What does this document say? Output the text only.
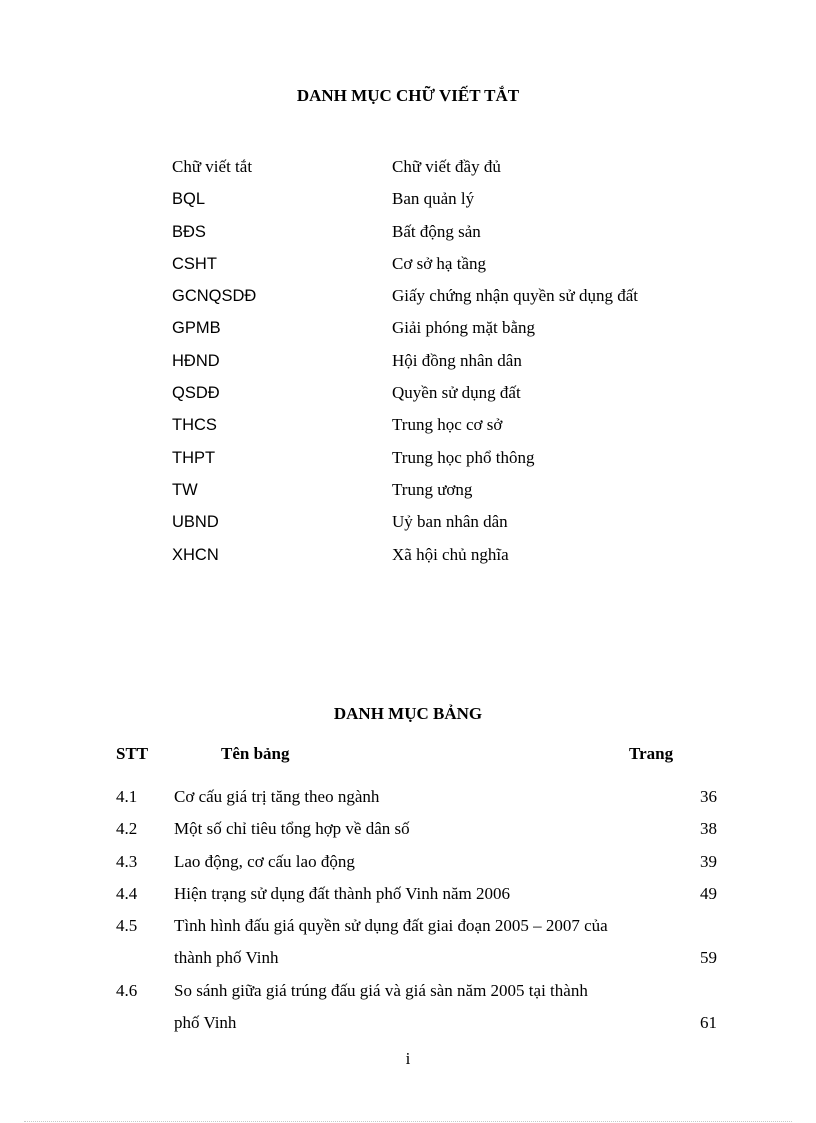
DANH MỤC CHỮ VIẾT TẮT
Chữ viết tắt	Chữ viết đầy đủ
BQL	Ban quản lý
BĐS	Bất động sản
CSHT	Cơ sở hạ tầng
GCNQSDĐ	Giấy chứng nhận quyền sử dụng đất
GPMB	Giải phóng mặt bằng
HĐND	Hội đồng nhân dân
QSDĐ	Quyền sử dụng đất
THCS	Trung học cơ sở
THPT	Trung học phổ thông
TW	Trung ương
UBND	Uỷ ban nhân dân
XHCN	Xã hội chủ nghĩa
DANH MỤC BẢNG
STT	Tên bảng	Trang
4.1 Cơ cấu giá trị tăng theo ngành	36
4.2 Một số chỉ tiêu tổng hợp về dân số	38
4.3 Lao động, cơ cấu lao động	39
4.4 Hiện trạng sử dụng đất thành phố Vinh năm 2006	49
4.5 Tình hình đấu giá quyền sử dụng đất giai đoạn 2005 – 2007 của
thành phố Vinh	59
4.6 So sánh giữa giá trúng đấu giá và giá sàn năm 2005 tại thành
phố Vinh	61
i
